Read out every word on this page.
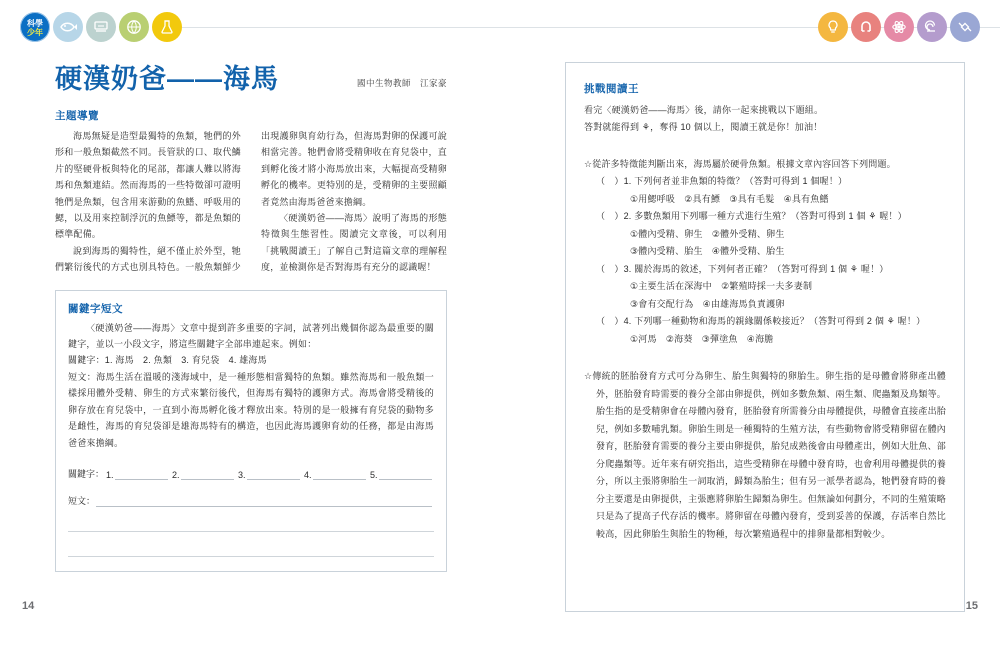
科學
少年
硬漢奶爸——海馬	國中生物教師　江家豪
主題導覽

海馬無疑是造型最獨特的魚類，牠們的外形和一般魚類截然不同。長管狀的口、取代鱗片的堅硬骨板與特化的尾部，都讓人難以將海馬和魚類連結。然而海馬的一些特徵卻可證明牠們是魚類，包含用來游動的魚鰭、呼吸用的鰓，以及用來控制浮沉的魚鰾等，都是魚類的標準配備。

說到海馬的獨特性，絕不僅止於外型，牠們繁衍後代的方式也別具特色。一般魚類鮮少出現護卵與育幼行為，但海馬對卵的保護可說相當完善。牠們會將受精卵收在育兒袋中，直到孵化後才將小海馬放出來，大幅提高受精卵孵化的機率。更特別的是，受精卵的主要照顧者竟然由海馬爸爸來擔綱。

〈硬漢奶爸——海馬〉說明了海馬的形態特徵與生態習性。閱讀完文章後，可以利用「挑戰閱讀王」了解自己對這篇文章的理解程度，並檢測你是否對海馬有充分的認識喔！

關鍵字短文

〈硬漢奶爸——海馬〉文章中提到許多重要的字詞，試著列出幾個你認為最重要的關鍵字，並以一小段文字，將這些關鍵字全部串連起來。例如：

關鍵字：1. 海馬　2. 魚類　3. 育兒袋　4. 雄海馬

短文：海馬生活在溫暖的淺海域中，是一種形態相當獨特的魚類。雖然海馬和一般魚類一樣採用體外受精、卵生的方式來繁衍後代，但海馬有獨特的護卵方式。海馬會將受精後的卵存放在育兒袋中，一直到小海馬孵化後才釋放出來。特別的是一般擁有育兒袋的動物多是雌性，海馬的育兒袋卻是雄海馬特有的構造，也因此海馬護卵育幼的任務，都是由海馬爸爸來擔綱。

關鍵字： 1.	2.	3.	4.	5.
短文：
14
挑戰閱讀王

看完〈硬漢奶爸——海馬〉後，請你一起來挑戰以下題組。

答對就能得到 ⚘，奪得 10 個以上，閱讀王就是你！加油！

☆從許多特徵能判斷出來，海馬屬於硬骨魚類。根據文章內容回答下列問題。
（　）1. 下列何者並非魚類的特徵？（答對可得到 1 個喔！）
①用鰓呼吸　②具有鰾　③具有毛髮　④具有魚鰭
（　）2. 多數魚類用下列哪一種方式進行生殖？（答對可得到 1 個 ⚘ 喔！）
①體內受精、卵生　②體外受精、卵生
③體內受精、胎生　④體外受精、胎生
（　）3. 關於海馬的敘述，下列何者正確？（答對可得到 1 個 ⚘ 喔！）
①主要生活在深海中　②繁殖時採一夫多妻制
③會有交配行為　④由雄海馬負責護卵
（　）4. 下列哪一種動物和海馬的親緣關係較接近？（答對可得到 2 個 ⚘ 喔！）
①河馬　②海葵　③彈塗魚　④海膽

☆傳統的胚胎發育方式可分為卵生、胎生與獨特的卵胎生。卵生指的是母體會將卵產出體外，胚胎發育時需要的養分全部由卵提供，例如多數魚類、兩生類、爬蟲類及鳥類等。胎生指的是受精卵會在母體內發育，胚胎發育所需養分由母體提供，母體會直接產出胎兒，例如多數哺乳類。卵胎生則是一種獨特的生殖方法，有些動物會將受精卵留在體內發育，胚胎發育需要的養分主要由卵提供，胎兒成熟後會由母體產出，例如大肚魚、部分爬蟲類等。近年來有研究指出，這些受精卵在母體中發育時，也會利用母體提供的養分，所以主張將卵胎生一詞取消，歸類為胎生；但有另一派學者認為，牠們發育時的養分主要還是由卵提供，主張應將卵胎生歸類為卵生。但無論如何劃分，不同的生殖策略只是為了提高子代存活的機率。將卵留在母體內發育，受到妥善的保護，存活率自然比較高，因此卵胎生與胎生的物種，每次繁殖過程中的排卵量都相對較少。

15
